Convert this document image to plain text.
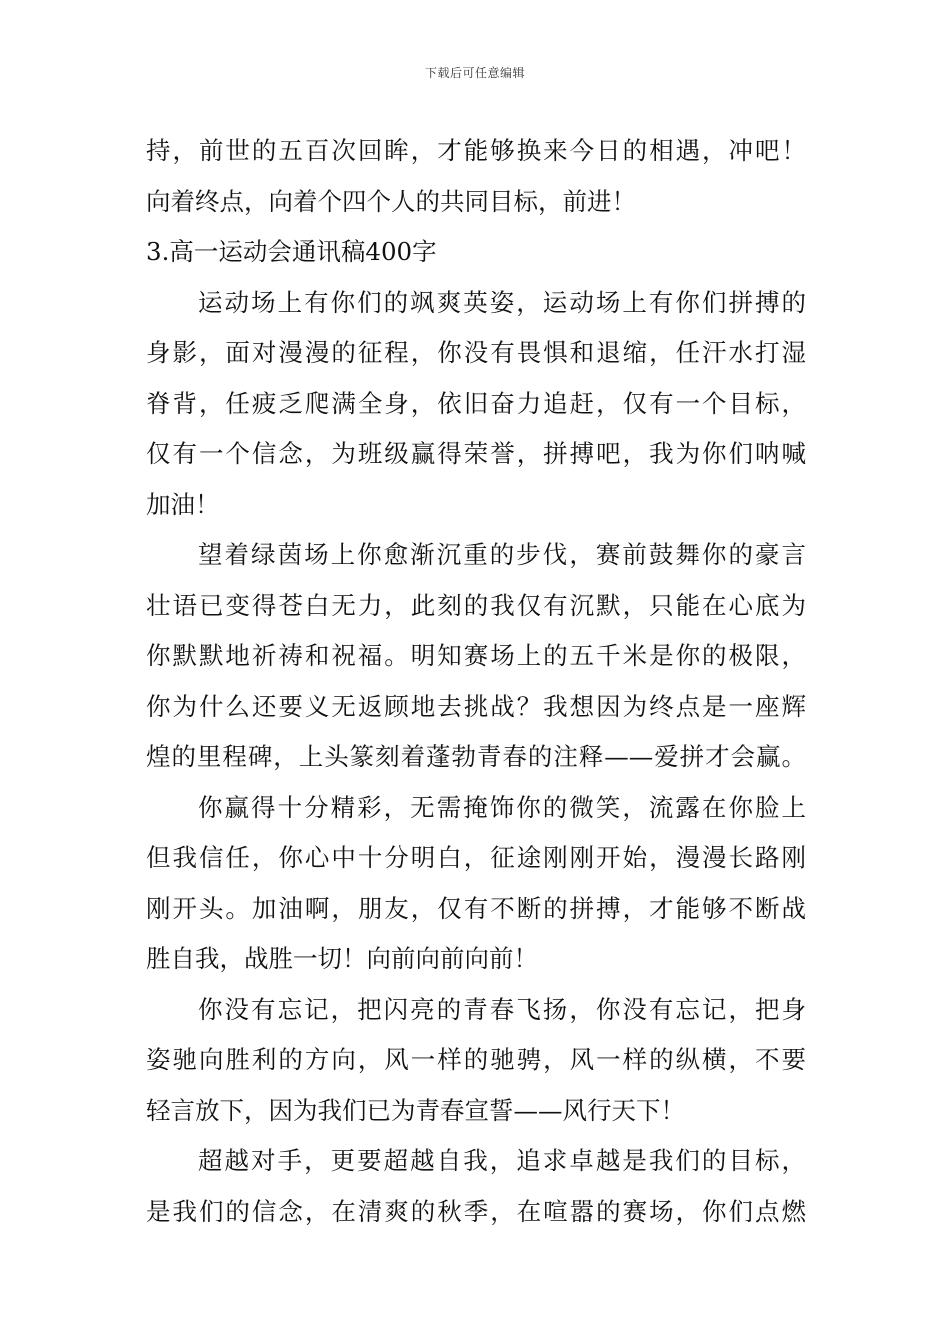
下载后可任意编辑
持，前世的五百次回眸，才能够换来今日的相遇，冲吧！
向着终点，向着个四个人的共同目标，前进！
3.高一运动会通讯稿400字
运动场上有你们的飒爽英姿，运动场上有你们拼搏的
身影，面对漫漫的征程，你没有畏惧和退缩，任汗水打湿
脊背，任疲乏爬满全身，依旧奋力追赶，仅有一个目标，
仅有一个信念，为班级赢得荣誉，拼搏吧，我为你们呐喊
加油！
望着绿茵场上你愈渐沉重的步伐，赛前鼓舞你的豪言
壮语已变得苍白无力，此刻的我仅有沉默，只能在心底为
你默默地祈祷和祝福。明知赛场上的五千米是你的极限，
你为什么还要义无返顾地去挑战？我想因为终点是一座辉
煌的里程碑，上头篆刻着蓬勃青春的注释——爱拼才会赢。
你赢得十分精彩，无需掩饰你的微笑，流露在你脸上
但我信任，你心中十分明白，征途刚刚开始，漫漫长路刚
刚开头。加油啊，朋友，仅有不断的拼搏，才能够不断战
胜自我，战胜一切！向前向前向前！
你没有忘记，把闪亮的青春飞扬，你没有忘记，把身
姿驰向胜利的方向，风一样的驰骋，风一样的纵横，不要
轻言放下，因为我们已为青春宣誓——风行天下！
超越对手，更要超越自我，追求卓越是我们的目标，
是我们的信念，在清爽的秋季，在喧嚣的赛场，你们点燃
